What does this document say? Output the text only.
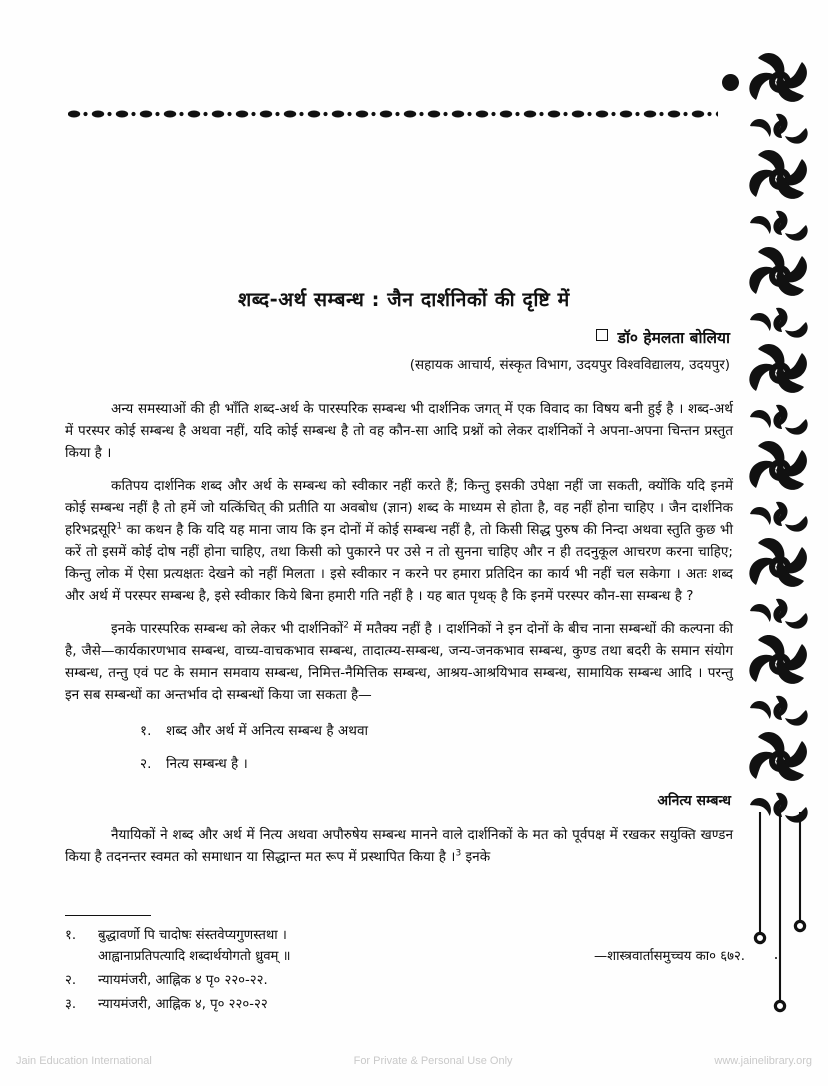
शब्द-अर्थ सम्बन्ध : जैन दार्शनिकों की दृष्टि में
डॉ० हेमलता बोलिया
(सहायक आचार्य, संस्कृत विभाग, उदयपुर विश्वविद्यालय, उदयपुर)

अन्य समस्याओं की ही भाँति शब्द-अर्थ के पारस्परिक सम्बन्ध भी दार्शनिक जगत् में एक विवाद का विषय बनी हुई है । शब्द-अर्थ में परस्पर कोई सम्बन्ध है अथवा नहीं, यदि कोई सम्बन्ध है तो वह कौन-सा आदि प्रश्नों को लेकर दार्शनिकों ने अपना-अपना चिन्तन प्रस्तुत किया है ।

कतिपय दार्शनिक शब्द और अर्थ के सम्बन्ध को स्वीकार नहीं करते हैं; किन्तु इसकी उपेक्षा नहीं जा सकती, क्योंकि यदि इनमें कोई सम्बन्ध नहीं है तो हमें जो यत्किंचित् की प्रतीति या अवबोध (ज्ञान) शब्द के माध्यम से होता है, वह नहीं होना चाहिए । जैन दार्शनिक हरिभद्रसूरि$^1$ का कथन है कि यदि यह माना जाय कि इन दोनों में कोई सम्बन्ध नहीं है, तो किसी सिद्ध पुरुष की निन्दा अथवा स्तुति कुछ भी करें तो इसमें कोई दोष नहीं होना चाहिए, तथा किसी को पुकारने पर उसे न तो सुनना चाहिए और न ही तदनुकूल आचरण करना चाहिए; किन्तु लोक में ऐसा प्रत्यक्षतः देखने को नहीं मिलता । इसे स्वीकार न करने पर हमारा प्रतिदिन का कार्य भी नहीं चल सकेगा । अतः शब्द और अर्थ में परस्पर सम्बन्ध है, इसे स्वीकार किये बिना हमारी गति नहीं है । यह बात पृथक् है कि इनमें परस्पर कौन-सा सम्बन्ध है ?

इनके पारस्परिक सम्बन्ध को लेकर भी दार्शनिकों$^2$ में मतैक्य नहीं है । दार्शनिकों ने इन दोनों के बीच नाना सम्बन्धों की कल्पना की है, जैसे—कार्यकारणभाव सम्बन्ध, वाच्य-वाचकभाव सम्बन्ध, तादात्म्य-सम्बन्ध, जन्य-जनकभाव सम्बन्ध, कुण्ड तथा बदरी के समान संयोग सम्बन्ध, तन्तु एवं पट के समान समवाय सम्बन्ध, निमित्त-नैमित्तिक सम्बन्ध, आश्रय-आश्रयिभाव सम्बन्ध, सामायिक सम्बन्ध आदि । परन्तु इन सब सम्बन्धों का अन्तर्भाव दो सम्बन्धों किया जा सकता है—

१. शब्द और अर्थ में अनित्य सम्बन्ध है अथवा
२. नित्य सम्बन्ध है ।
अनित्य सम्बन्ध

नैयायिकों ने शब्द और अर्थ में नित्य अथवा अपौरुषेय सम्बन्ध मानने वाले दार्शनिकों के मत को पूर्वपक्ष में रखकर सयुक्ति खण्डन किया है तदनन्तर स्वमत को समाधान या सिद्धान्त मत रूप में प्रस्थापित किया है ।$^3$ इनके

१. बुद्धावर्णो पि चादोषः संस्तवेप्यगुणस्तथा ।
आह्वानाप्रतिपत्यादि शब्दार्थयोगतो ध्रुवम् ॥	—शास्त्रवार्तासमुच्चय का० ६७२.
२. न्यायमंजरी, आह्निक ४ पृ० २२०-२२.
३. न्यायमंजरी, आह्निक ४, पृ० २२०-२२
Jain Education International	For Private & Personal Use Only	www.jainelibrary.org
